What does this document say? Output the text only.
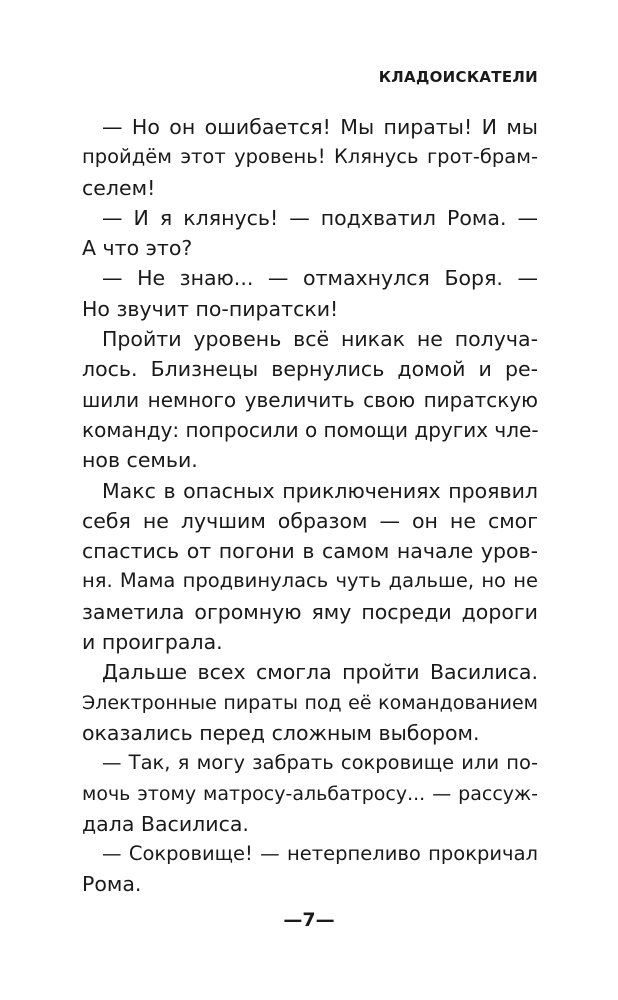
КЛАДОИСКАТЕЛИ
— Но он ошибается! Мы пираты! И мы
пройдём этот уровень! Клянусь грот-брам-
селем!
— И я клянусь! — подхватил Рома. —
А что это?
— Не знаю... — отмахнулся Боря. —
Но звучит по-пиратски!
Пройти уровень всё никак не получа-
лось. Близнецы вернулись домой и ре-
шили немного увеличить свою пиратскую
команду: попросили о помощи других чле-
нов семьи.
Макс в опасных приключениях проявил
себя не лучшим образом — он не смог
спастись от погони в самом начале уров-
ня. Мама продвинулась чуть дальше, но не
заметила огромную яму посреди дороги
и проиграла.
Дальше всех смогла пройти Василиса.
Электронные пираты под её командованием
оказались перед сложным выбором.
— Так, я могу забрать сокровище или по-
мочь этому матросу-альбатросу... — рассуж-
дала Василиса.
— Сокровище! — нетерпеливо прокричал
Рома.
—7—
